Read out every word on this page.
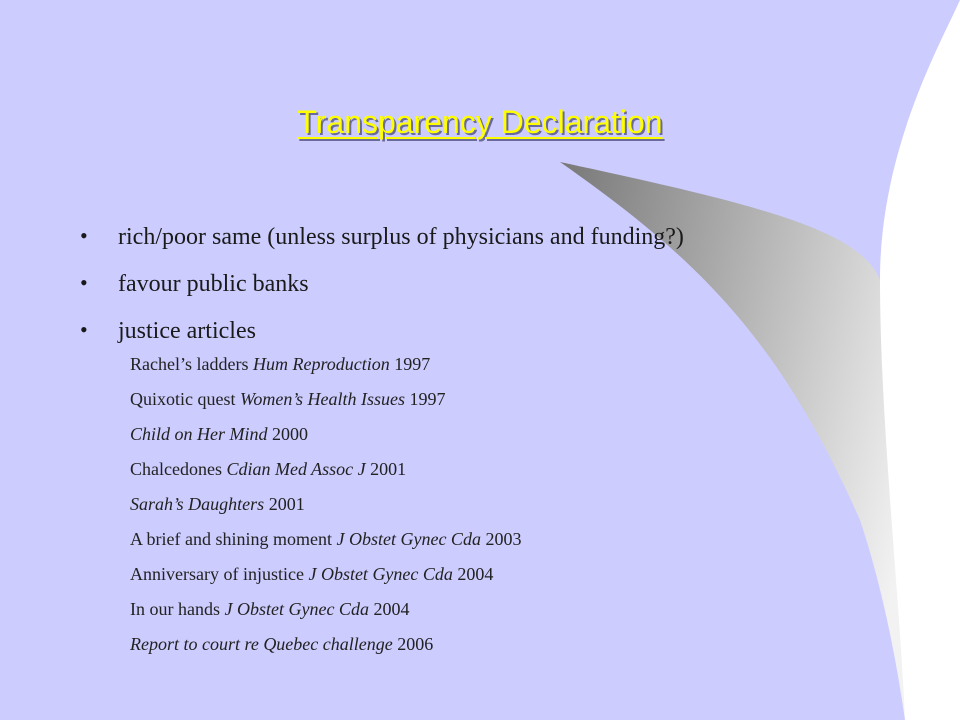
Transparency Declaration
• rich/poor same (unless surplus of physicians and funding?)
• favour public banks
• justice articles
Rachel’s ladders Hum Reproduction 1997
Quixotic quest Women’s Health Issues 1997
Child on Her Mind 2000
Chalcedones Cdian Med Assoc J 2001
Sarah’s Daughters 2001
A brief and shining moment J Obstet Gynec Cda 2003
Anniversary of injustice J Obstet Gynec Cda 2004
In our hands J Obstet Gynec Cda 2004
Report to court re Quebec challenge 2006
